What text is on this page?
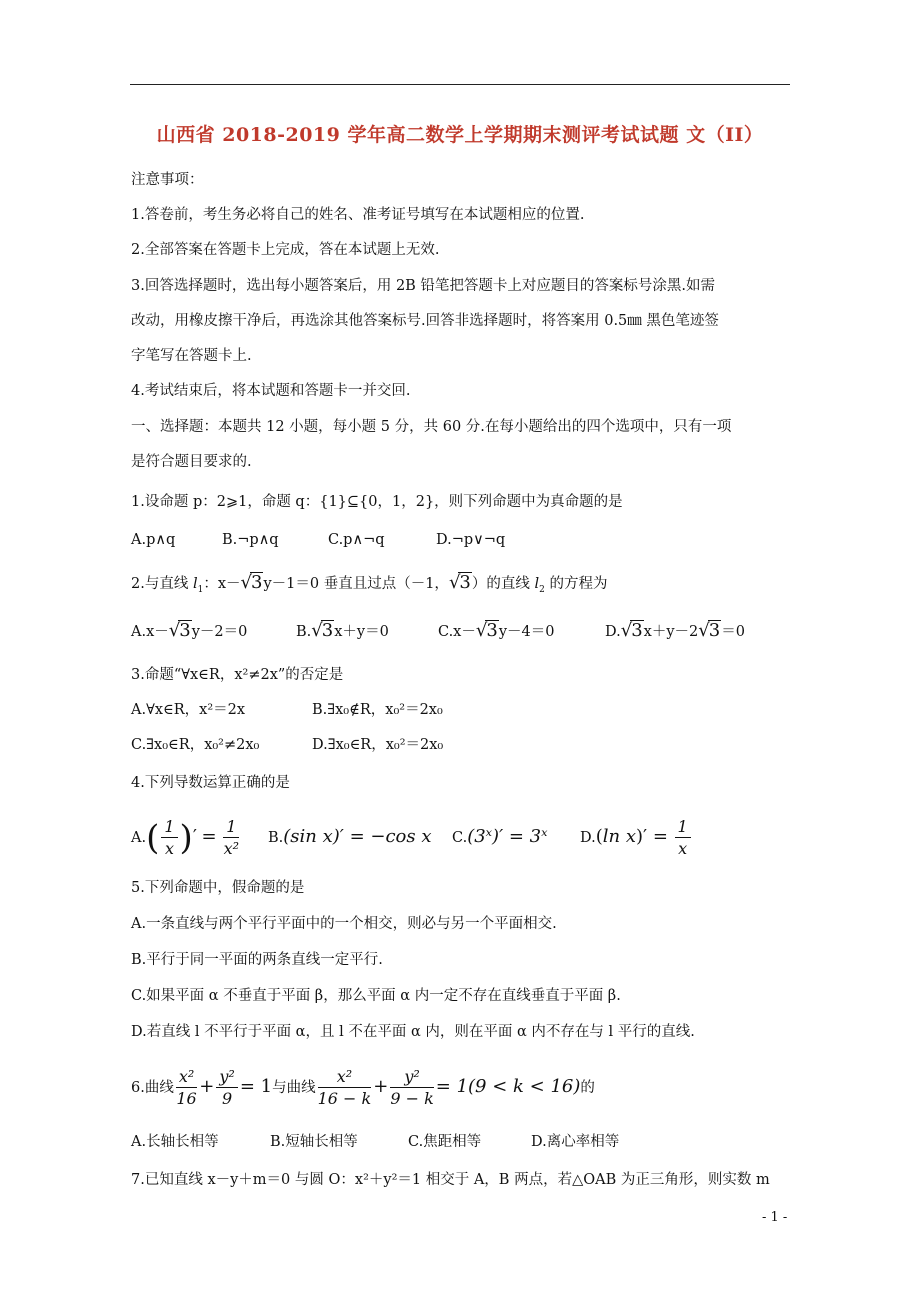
山西省 2018-2019 学年高二数学上学期期末测评考试试题 文（II）
注意事项：
1.答卷前，考生务必将自己的姓名、准考证号填写在本试题相应的位置.
2.全部答案在答题卡上完成，答在本试题上无效.
3.回答选择题时，选出每小题答案后，用 2B 铅笔把答题卡上对应题目的答案标号涂黑.如需
改动，用橡皮擦干净后，再选涂其他答案标号.回答非选择题时，将答案用 0.5㎜ 黑色笔迹签
字笔写在答题卡上.
4.考试结束后，将本试题和答题卡一并交回.
一、选择题：本题共 12 小题，每小题 5 分，共 60 分.在每小题给出的四个选项中，只有一项
是符合题目要求的.
1.设命题 p：2⩾1，命题 q：{1}⊆{0，1，2}，则下列命题中为真命题的是
A.p∧q	B.¬p∧q	C.p∧¬q	D.¬p∨¬q
2.与直线 $l_1$：x－√3y－1＝0 垂直且过点（－1，√3）的直线 $l_2$ 的方程为
A.x－√3y－2＝0	B.√3x＋y＝0	C.x－√3y－4＝0	D.√3x＋y－2√3＝0
3.命题“∀x∈R，x²≠2x”的否定是
A.∀x∈R，x²＝2x	B.∃x₀∉R，x₀²＝2x₀
C.∃x₀∈R，x₀²≠2x₀	D.∃x₀∈R，x₀²＝2x₀
4.下列导数运算正确的是
$A.( \frac{1}{x}$ )′ = $\frac{1}{\text{x²}} B.(\sin$ x)′ = −cos x C.(3ˣ)′ = 3ˣ D.(ln $x)' = \frac{1}{x}$
5.下列命题中，假命题的是
A.一条直线与两个平行平面中的一个相交，则必与另一个平面相交.
B.平行于同一平面的两条直线一定平行.
C.如果平面 α 不垂直于平面 β，那么平面 α 内一定不存在直线垂直于平面 β.
D.若直线 l 不平行于平面 α，且 l 不在平面 α 内，则在平面 α 内不存在与 l 平行的直线.
6.曲线 $\frac{\text{x²}}{16} + \frac{\text{y²}}{9} = 1$与曲线 $\frac{\text{x²}}{16 - k} + \frac{\text{y²}}{9 - k} = 1(9 < k < 16)$的
A.长轴长相等	B.短轴长相等	C.焦距相等	D.离心率相等
7.已知直线 x－y＋m＝0 与圆 O：x²＋y²＝1 相交于 A，B 两点，若△OAB 为正三角形，则实数 m
- 1 -
